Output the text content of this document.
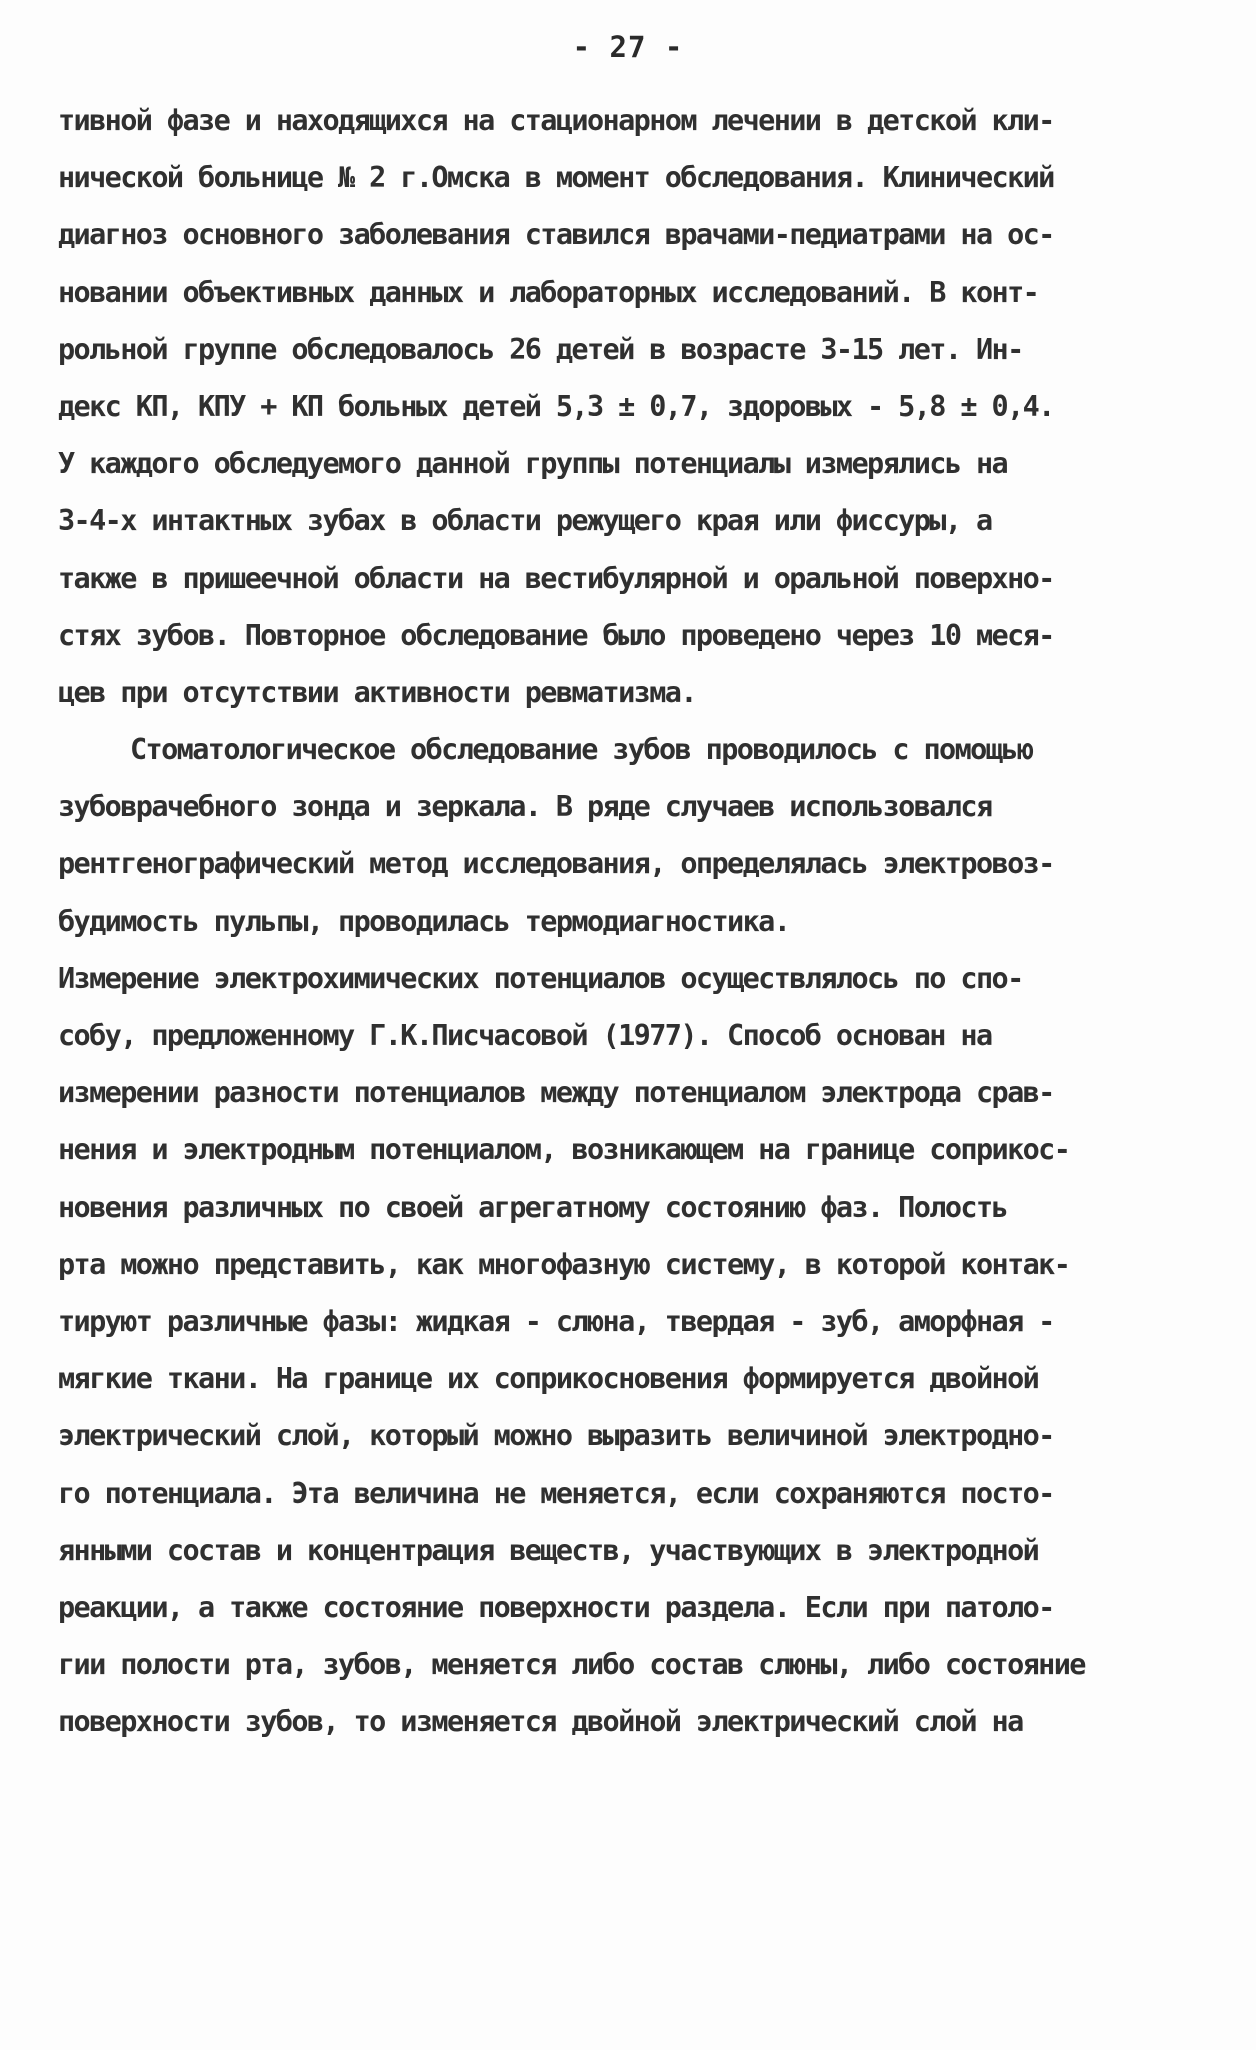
- 27 -
тивной фазе и находящихся на стационарном лечении в детской кли-
нической больнице № 2 г.Омска в момент обследования. Клинический
диагноз основного заболевания ставился врачами-педиатрами на ос-
новании объективных данных и лабораторных исследований. В конт-
рольной группе обследовалось 26 детей в возрасте 3-15 лет. Ин-
декс КП, КПУ + КП больных детей 5,3 ± 0,7, здоровых - 5,8 ± 0,4.
У каждого обследуемого данной группы потенциалы измерялись на
3-4-х интактных зубах в области режущего края или фиссуры, а
также в пришеечной области на вестибулярной и оральной поверхно-
стях зубов. Повторное обследование было проведено через 10 меся-
цев при отсутствии активности ревматизма.
Стоматологическое обследование зубов проводилось с помощью
зубоврачебного зонда и зеркала. В ряде случаев использовался
рентгенографический метод исследования, определялась электровоз-
будимость пульпы, проводилась термодиагностика.
Измерение электрохимических потенциалов осуществлялось по спо-
собу, предложенному Г.К.Писчасовой (1977). Способ основан на
измерении разности потенциалов между потенциалом электрода срав-
нения и электродным потенциалом, возникающем на границе соприкос-
новения различных по своей агрегатному состоянию фаз. Полость
рта можно представить, как многофазную систему, в которой контак-
тируют различные фазы: жидкая - слюна, твердая - зуб, аморфная -
мягкие ткани. На границе их соприкосновения формируется двойной
электрический слой, который можно выразить величиной электродно-
го потенциала. Эта величина не меняется, если сохраняются посто-
янными состав и концентрация веществ, участвующих в электродной
реакции, а также состояние поверхности раздела. Если при патоло-
гии полости рта, зубов, меняется либо состав слюны, либо состояние
поверхности зубов, то изменяется двойной электрический слой на
